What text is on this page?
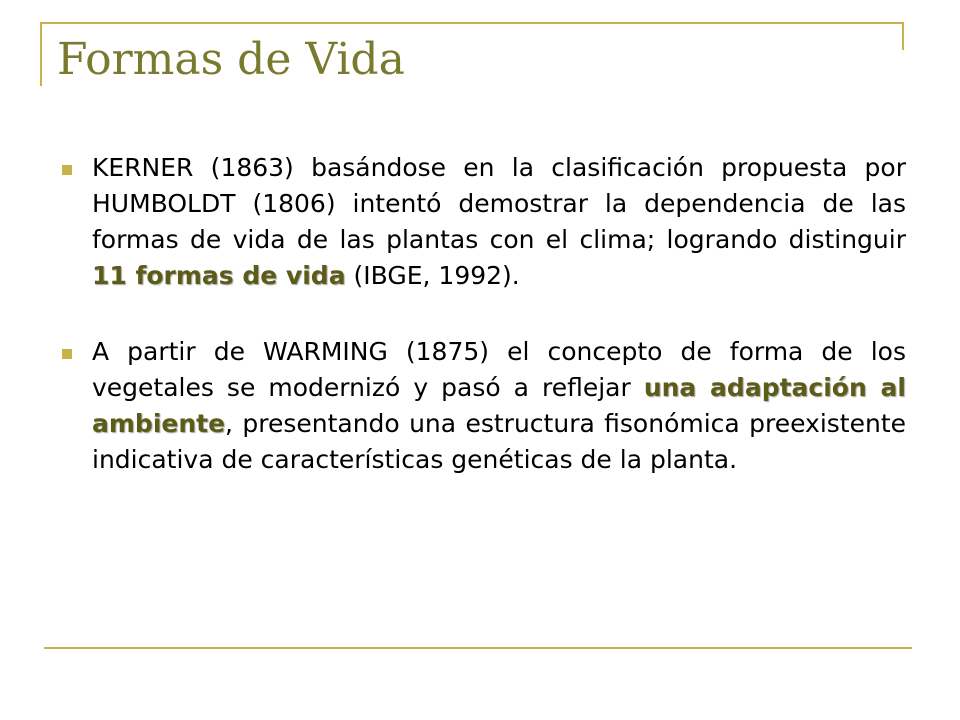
Formas de Vida
KERNER (1863) basándose en la clasificación propuesta por HUMBOLDT (1806) intentó demostrar la dependencia de las formas de vida de las plantas con el clima; logrando distinguir 11 formas de vida (IBGE, 1992).
A partir de WARMING (1875) el concepto de forma de los vegetales se modernizó y pasó a reflejar una adaptación al ambiente, presentando una estructura fisonómica preexistente indicativa de características genéticas de la planta.
